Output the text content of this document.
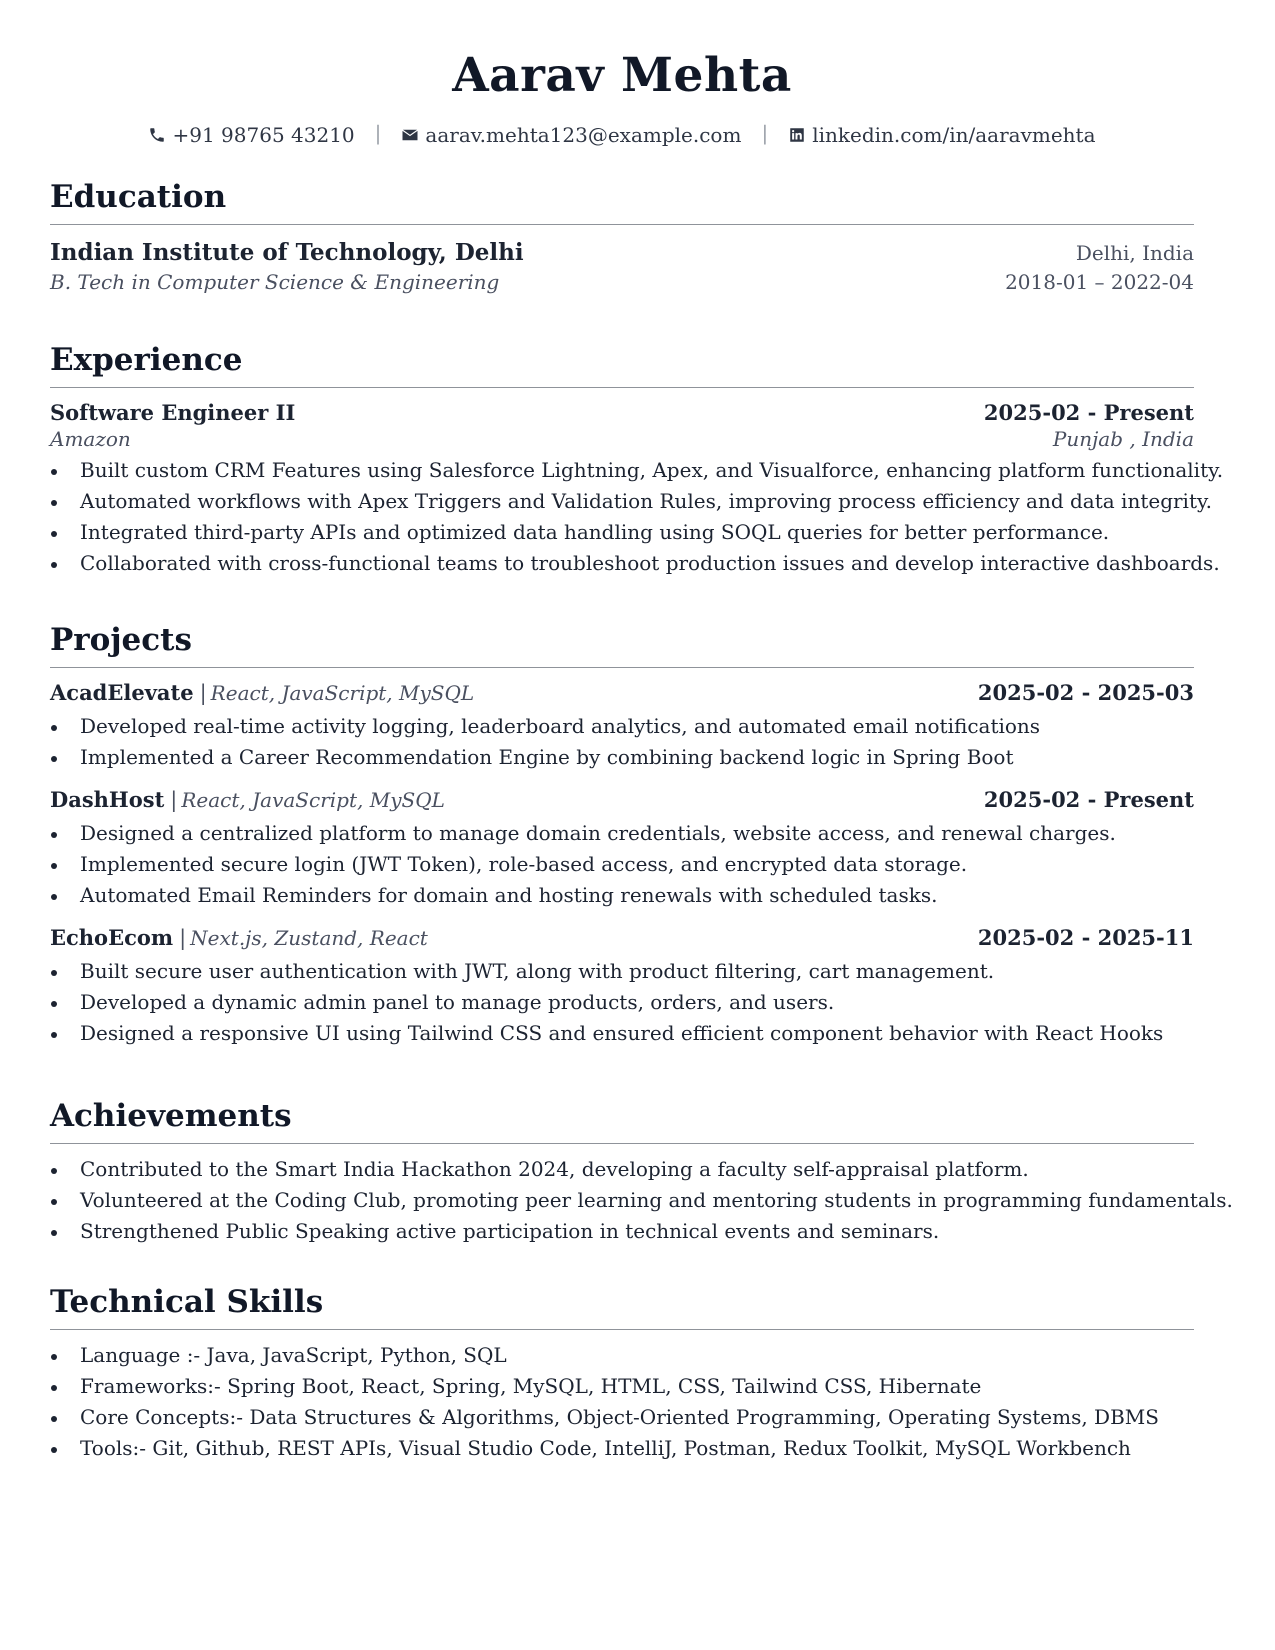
Aarav Mehta
+91 98765 43210 | aarav.mehta123@example.com | linkedin.com/in/aaravmehta
Education
Indian Institute of Technology, Delhi	Delhi, India
B. Tech in Computer Science & Engineering	2018-01 – 2022-04
Experience
Software Engineer II	2025-02 - Present
Amazon	Punjab , India
Built custom CRM Features using Salesforce Lightning, Apex, and Visualforce, enhancing platform functionality.
Automated workflows with Apex Triggers and Validation Rules, improving process efficiency and data integrity.
Integrated third-party APIs and optimized data handling using SOQL queries for better performance.
Collaborated with cross-functional teams to troubleshoot production issues and develop interactive dashboards.
Projects
AcadElevate | React, JavaScript, MySQL	2025-02 - 2025-03
Developed real-time activity logging, leaderboard analytics, and automated email notifications
Implemented a Career Recommendation Engine by combining backend logic in Spring Boot
DashHost | React, JavaScript, MySQL	2025-02 - Present
Designed a centralized platform to manage domain credentials, website access, and renewal charges.
Implemented secure login (JWT Token), role-based access, and encrypted data storage.
Automated Email Reminders for domain and hosting renewals with scheduled tasks.
EchoEcom | Next.js, Zustand, React	2025-02 - 2025-11
Built secure user authentication with JWT, along with product filtering, cart management.
Developed a dynamic admin panel to manage products, orders, and users.
Designed a responsive UI using Tailwind CSS and ensured efficient component behavior with React Hooks
Achievements
Contributed to the Smart India Hackathon 2024, developing a faculty self-appraisal platform.
Volunteered at the Coding Club, promoting peer learning and mentoring students in programming fundamentals.
Strengthened Public Speaking active participation in technical events and seminars.
Technical Skills
Language :- Java, JavaScript, Python, SQL
Frameworks:- Spring Boot, React, Spring, MySQL, HTML, CSS, Tailwind CSS, Hibernate
Core Concepts:- Data Structures & Algorithms, Object-Oriented Programming, Operating Systems, DBMS
Tools:- Git, Github, REST APIs, Visual Studio Code, IntelliJ, Postman, Redux Toolkit, MySQL Workbench
